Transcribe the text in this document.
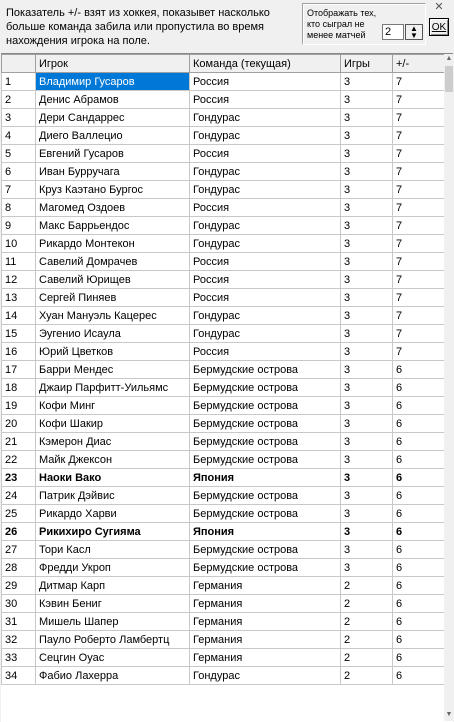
Показатель +/- взят из хоккея, показывет насколько больше команда забила или пропустила во время нахождения игрока на поле.
Отображать тех, кто сыграл не менее матчей
2
▲
▼
✕
OK
	Игрок	Команда (текущая)	Игры	+/-
1	Владимир Гусаров	Россия	3	7
2	Денис Абрамов	Россия	3	7
3	Дери Сандаррес	Гондурас	3	7
4	Диего Валлецио	Гондурас	3	7
5	Евгений Гусаров	Россия	3	7
6	Иван Бурручага	Гондурас	3	7
7	Круз Каэтано Бургос	Гондурас	3	7
8	Магомед Оздоев	Россия	3	7
9	Макс Баррьендос	Гондурас	3	7
10	Рикардо Монтекон	Гондурас	3	7
11	Савелий Домрачев	Россия	3	7
12	Савелий Юрищев	Россия	3	7
13	Сергей Пиняев	Россия	3	7
14	Хуан Мануэль Кацерес	Гондурас	3	7
15	Эугенио Исаула	Гондурас	3	7
16	Юрий Цветков	Россия	3	7
17	Барри Мендес	Бермудские острова	3	6
18	Джаир Парфитт-Уильямс	Бермудские острова	3	6
19	Кофи Минг	Бермудские острова	3	6
20	Кофи Шакир	Бермудские острова	3	6
21	Кэмерон Диас	Бермудские острова	3	6
22	Майк Джексон	Бермудские острова	3	6
23	Наоки Вако	Япония	3	6
24	Патрик Дэйвис	Бермудские острова	3	6
25	Рикардо Харви	Бермудские острова	3	6
26	Рикихиро Сугияма	Япония	3	6
27	Тори Касл	Бермудские острова	3	6
28	Фредди Укроп	Бермудские острова	3	6
29	Дитмар Карп	Германия	2	6
30	Кэвин Бениг	Германия	2	6
31	Мишель Шапер	Германия	2	6
32	Пауло Роберто Ламбертц	Германия	2	6
33	Сецгин Оуас	Германия	2	6
34	Фабио Лахерра	Гондурас	2	6
▲
▼
